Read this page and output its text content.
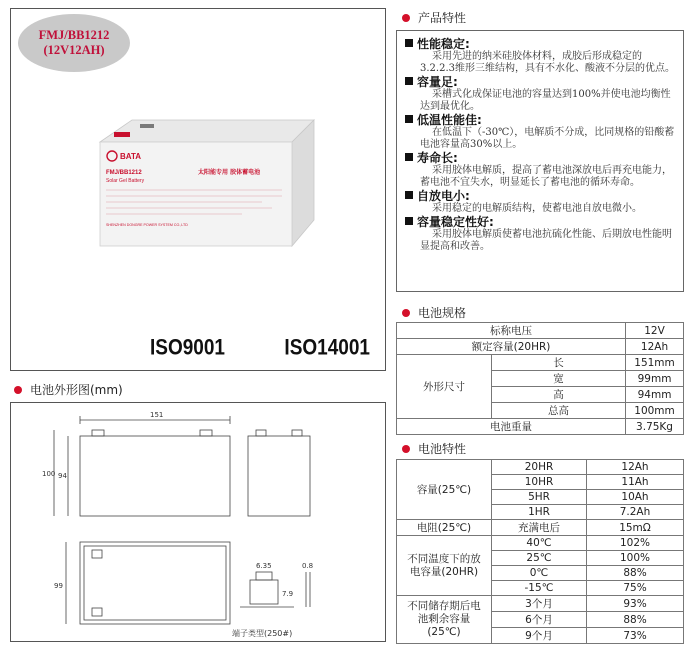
FMJ/BB1212
(12V12AH)
BATA
FMJ/BB1212
Solar Gel Battery
太阳能专用 胶体蓄电池
SHENZHEN DONGRE POWER SYSTEM CO.,LTD
ISO9001	ISO14001
电池外形图(mm)
151
100 94
99
6.35	0.8
7.9
端子类型(250#)
产品特性
性能稳定:
采用先进的纳米硅胶体材料，成胶后形成稳定的3.2.2.3维形三维结构，具有不水化、酸液不分层的优点。
容量足:
采槽式化成保证电池的容量达到100%并使电池均衡性达到最优化。
低温性能佳:
在低温下（-30℃），电解质不分成，比同规格的铅酸蓄电池容量高30%以上。
寿命长:
采用胶体电解质，提高了蓄电池深放电后再充电能力，蓄电池不宜失水，明显延长了蓄电池的循环寿命。
自放电小:
采用稳定的电解质结构，使蓄电池自放电微小。
容量稳定性好:
采用胶体电解质使蓄电池抗硫化性能、后期放电性能明显提高和改善。
电池规格
标称电压		12V
额定容量(20HR)		12Ah
外形尺寸	长	151mm
	宽	99mm
	高	94mm
	总高	100mm
电池重量		3.75Kg
电池特性
容量(25℃)	20HR	12Ah
	10HR	11Ah
	5HR	10Ah
	1HR	7.2Ah
电阻(25℃)	充满电后	15mΩ
不同温度下的放电容量(20HR)	40℃	102%
	25℃	100%
	0℃	88%
	-15℃	75%
不同储存期后电池剩余容量(25℃)	3个月	93%
	6个月	88%
	9个月	73%
